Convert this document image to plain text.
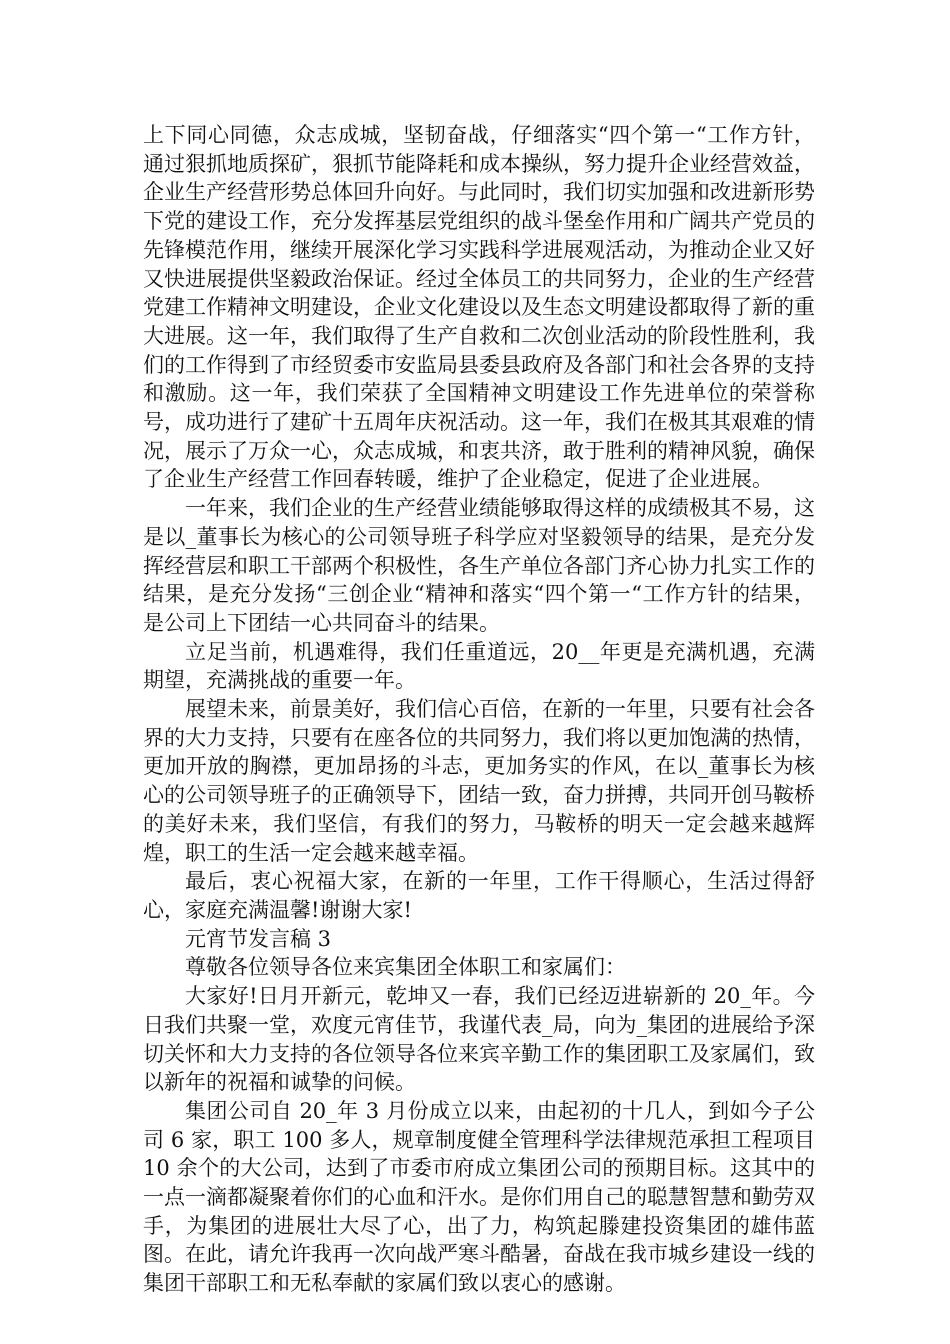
上下同心同德，众志成城，坚韧奋战，仔细落实“四个第一“工作方针，通过狠抓地质探矿，狠抓节能降耗和成本操纵，努力提升企业经营效益，企业生产经营形势总体回升向好。与此同时，我们切实加强和改进新形势下党的建设工作，充分发挥基层党组织的战斗堡垒作用和广阔共产党员的先锋模范作用，继续开展深化学习实践科学进展观活动，为推动企业又好又快进展提供坚毅政治保证。经过全体员工的共同努力，企业的生产经营党建工作精神文明建设，企业文化建设以及生态文明建设都取得了新的重大进展。这一年，我们取得了生产自救和二次创业活动的阶段性胜利，我们的工作得到了市经贸委市安监局县委县政府及各部门和社会各界的支持和激励。这一年，我们荣获了全国精神文明建设工作先进单位的荣誉称号，成功进行了建矿十五周年庆祝活动。这一年，我们在极其其艰难的情况，展示了万众一心，众志成城，和衷共济，敢于胜利的精神风貌，确保了企业生产经营工作回春转暖，维护了企业稳定，促进了企业进展。

一年来，我们企业的生产经营业绩能够取得这样的成绩极其不易，这是以_董事长为核心的公司领导班子科学应对坚毅领导的结果，是充分发挥经营层和职工干部两个积极性，各生产单位各部门齐心协力扎实工作的结果，是充分发扬“三创企业“精神和落实“四个第一“工作方针的结果，是公司上下团结一心共同奋斗的结果。

立足当前，机遇难得，我们任重道远，20__年更是充满机遇，充满期望，充满挑战的重要一年。

展望未来，前景美好，我们信心百倍，在新的一年里，只要有社会各界的大力支持，只要有在座各位的共同努力，我们将以更加饱满的热情，更加开放的胸襟，更加昂扬的斗志，更加务实的作风，在以_董事长为核心的公司领导班子的正确领导下，团结一致，奋力拼搏，共同开创马鞍桥的美好未来，我们坚信，有我们的努力，马鞍桥的明天一定会越来越辉煌，职工的生活一定会越来越幸福。

最后，衷心祝福大家，在新的一年里，工作干得顺心，生活过得舒心，家庭充满温馨!谢谢大家!

元宵节发言稿 3

尊敬各位领导各位来宾集团全体职工和家属们：

大家好!日月开新元，乾坤又一春，我们已经迈进崭新的 20_年。今日我们共聚一堂，欢度元宵佳节，我谨代表_局，向为_集团的进展给予深切关怀和大力支持的各位领导各位来宾辛勤工作的集团职工及家属们，致以新年的祝福和诚挚的问候。

集团公司自 20_年 3 月份成立以来，由起初的十几人，到如今子公司 6 家，职工 100 多人，规章制度健全管理科学法律规范承担工程项目 10 余个的大公司，达到了市委市府成立集团公司的预期目标。这其中的一点一滴都凝聚着你们的心血和汗水。是你们用自己的聪慧智慧和勤劳双手，为集团的进展壮大尽了心，出了力，构筑起滕建投资集团的雄伟蓝图。在此，请允许我再一次向战严寒斗酷暑，奋战在我市城乡建设一线的集团干部职工和无私奉献的家属们致以衷心的感谢。
